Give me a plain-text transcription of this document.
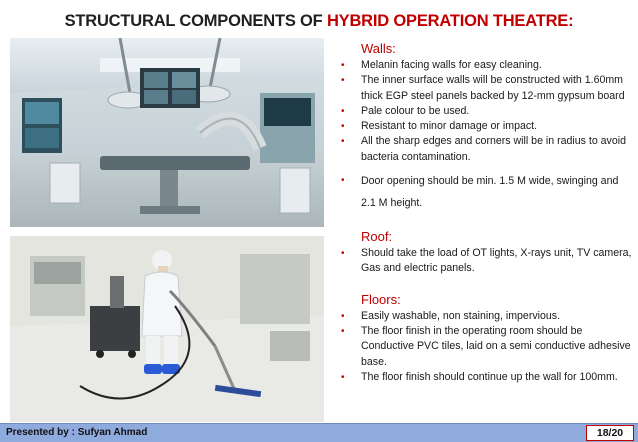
STRUCTURAL COMPONENTS OF HYBRID OPERATION THEATRE:
Walls:
• Melanin facing walls for easy cleaning.
• The inner surface walls will be constructed with 1.60mm thick EGP steel panels backed by 12-mm gypsum board
• Pale colour to be used.
• Resistant to minor damage or impact.
• All the sharp edges and corners will be in radius to avoid bacteria contamination.
• Door opening should be min. 1.5 M wide, swinging and 2.1 M height.
Roof:
• Should take the load of OT lights, X-rays unit, TV camera, Gas and electric panels.
Floors:
• Easily washable, non staining, impervious.
• The floor finish in the operating room should be Conductive PVC tiles, laid on a semi conductive adhesive base.
• The floor finish should continue up the wall for 100mm.
Presented by : Sufyan Ahmad	18/20
